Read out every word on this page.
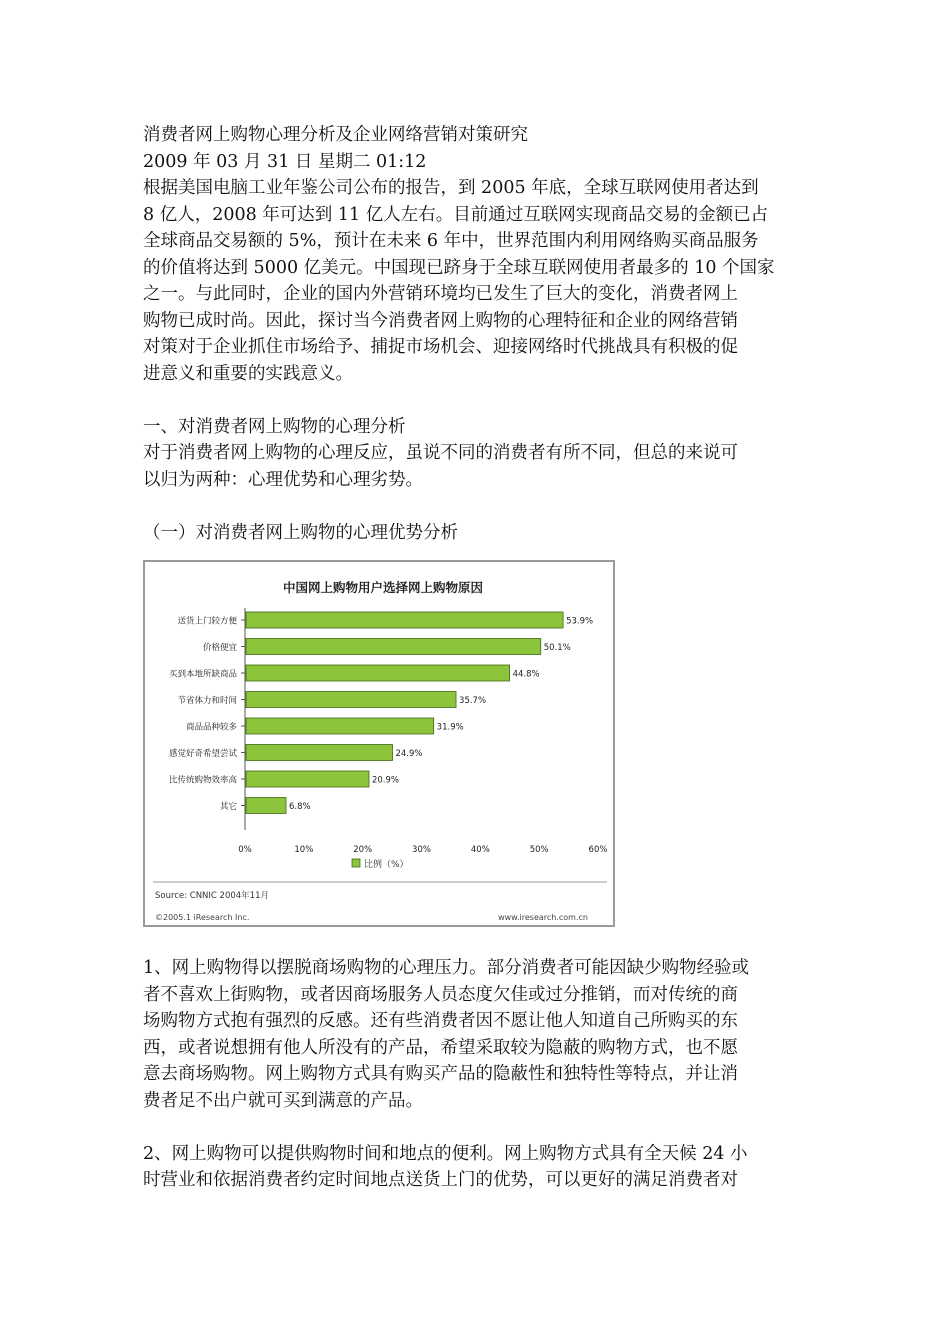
消费者网上购物心理分析及企业网络营销对策研究

2009 年 03 月 31 日 星期二 01:12

根据美国电脑工业年鉴公司公布的报告，到 2005 年底，全球互联网使用者达到

8 亿人，2008 年可达到 11 亿人左右。目前通过互联网实现商品交易的金额已占

全球商品交易额的 5%，预计在未来 6 年中，世界范围内利用网络购买商品服务

的价值将达到 5000 亿美元。中国现已跻身于全球互联网使用者最多的 10 个国家

之一。与此同时，企业的国内外营销环境均已发生了巨大的变化，消费者网上

购物已成时尚。因此，探讨当今消费者网上购物的心理特征和企业的网络营销

对策对于企业抓住市场给予、捕捉市场机会、迎接网络时代挑战具有积极的促

进意义和重要的实践意义。

一、对消费者网上购物的心理分析

对于消费者网上购物的心理反应，虽说不同的消费者有所不同，但总的来说可

以归为两种：心理优势和心理劣势。

（一）对消费者网上购物的心理优势分析

中国网上购物用户选择网上购物原因
送货上门较方便	53.9%
价格便宜	50.1%
买到本地所缺商品	44.8%
节省体力和时间	35.7%
商品品种较多	31.9%
感觉好奇希望尝试	24.9%
比传统购物效率高	20.9%
其它	6.8%
0%	10%	20%	30%	40%	50%	60%
比例（%）
Source: CNNIC 2004年11月
©2005.1 iResearch Inc.	www.iresearch.com.cn

1、网上购物得以摆脱商场购物的心理压力。部分消费者可能因缺少购物经验或

者不喜欢上街购物，或者因商场服务人员态度欠佳或过分推销，而对传统的商

场购物方式抱有强烈的反感。还有些消费者因不愿让他人知道自己所购买的东

西，或者说想拥有他人所没有的产品，希望采取较为隐蔽的购物方式，也不愿

意去商场购物。网上购物方式具有购买产品的隐蔽性和独特性等特点，并让消

费者足不出户就可买到满意的产品。

2、网上购物可以提供购物时间和地点的便利。网上购物方式具有全天候 24 小

时营业和依据消费者约定时间地点送货上门的优势，可以更好的满足消费者对
